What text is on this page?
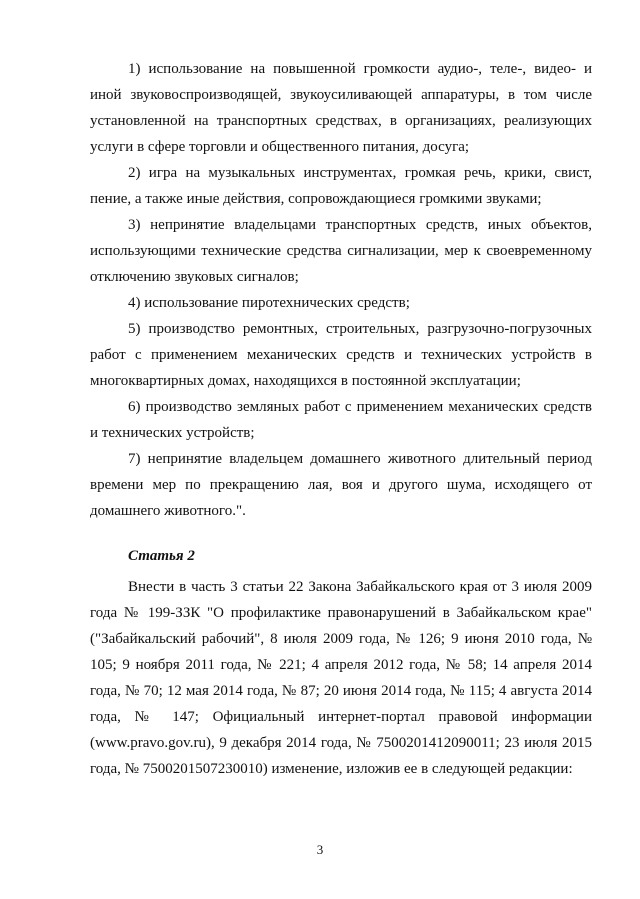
1) использование на повышенной громкости аудио-, теле-, видео- и иной звуковоспроизводящей, звукоусиливающей аппаратуры, в том числе установленной на транспортных средствах, в организациях, реализующих услуги в сфере торговли и общественного питания, досуга;

2) игра на музыкальных инструментах, громкая речь, крики, свист, пение, а также иные действия, сопровождающиеся громкими звуками;

3) непринятие владельцами транспортных средств, иных объектов, использующими технические средства сигнализации, мер к своевременному отключению звуковых сигналов;

4) использование пиротехнических средств;

5) производство ремонтных, строительных, разгрузочно-погрузочных работ с применением механических средств и технических устройств в многоквартирных домах, находящихся в постоянной эксплуатации;

6) производство земляных работ с применением механических средств и технических устройств;

7) непринятие владельцем домашнего животного длительный период времени мер по прекращению лая, воя и другого шума, исходящего от домашнего животного.".

Статья 2

Внести в часть 3 статьи 22 Закона Забайкальского края от 3 июля 2009 года № 199-ЗЗК "О профилактике правонарушений в Забайкальском крае" ("Забайкальский рабочий", 8 июля 2009 года, № 126; 9 июня 2010 года, № 105; 9 ноября 2011 года, № 221; 4 апреля 2012 года, № 58; 14 апреля 2014 года, № 70; 12 мая 2014 года, № 87; 20 июня 2014 года, № 115; 4 августа 2014 года, № 147; Официальный интернет-портал правовой информации (www.pravo.gov.ru), 9 декабря 2014 года, № 7500201412090011; 23 июля 2015 года, № 7500201507230010) изменение, изложив ее в следующей редакции:

3
